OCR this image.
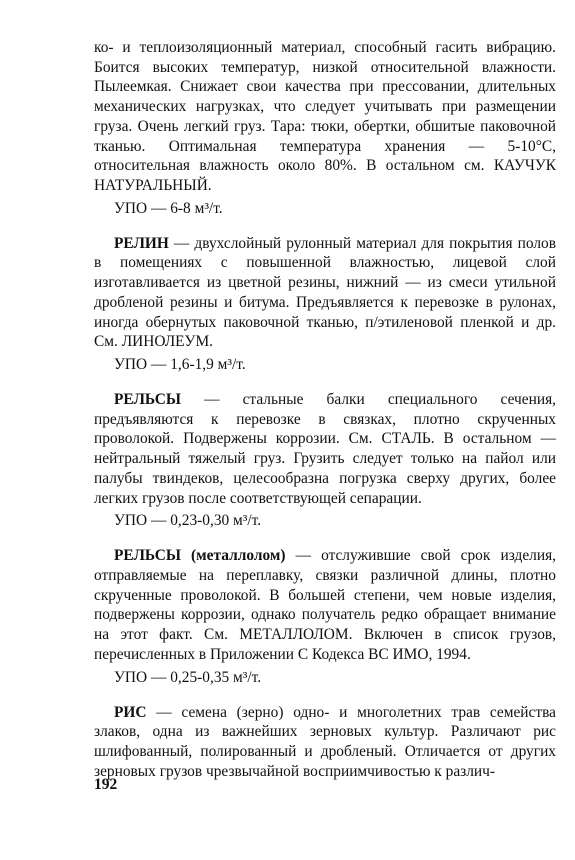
ко- и теплоизоляционный материал, способный гасить вибрацию. Боится высоких температур, низкой относительной влажности. Пылеемкая. Снижает свои качества при прессовании, длительных механических нагрузках, что следует учитывать при размещении груза. Очень легкий груз. Тара: тюки, обертки, обшитые паковочной тканью. Оптимальная температура хранения — 5-10°С, относительная влажность около 80%. В остальном см. КАУЧУК НАТУРАЛЬНЫЙ.

УПО — 6-8 м³/т.

РЕЛИН — двухслойный рулонный материал для покрытия полов в помещениях с повышенной влажностью, лицевой слой изготавливается из цветной резины, нижний — из смеси утильной дробленой резины и битума. Предъявляется к перевозке в рулонах, иногда обернутых паковочной тканью, п/этиленовой пленкой и др. См. ЛИНОЛЕУМ.

УПО — 1,6-1,9 м³/т.

РЕЛЬСЫ — стальные балки специального сечения, предъявляются к перевозке в связках, плотно скрученных проволокой. Подвержены коррозии. См. СТАЛЬ. В остальном — нейтральный тяжелый груз. Грузить следует только на пайол или палубы твиндеков, целесообразна погрузка сверху других, более легких грузов после соответствующей сепарации.

УПО — 0,23-0,30 м³/т.

РЕЛЬСЫ (металлолом) — отслужившие свой срок изделия, отправляемые на переплавку, связки различной длины, плотно скрученные проволокой. В большей степени, чем новые изделия, подвержены коррозии, однако получатель редко обращает внимание на этот факт. См. МЕТАЛЛОЛОМ. Включен в список грузов, перечисленных в Приложении С Кодекса ВС ИМО, 1994.

УПО — 0,25-0,35 м³/т.

РИС — семена (зерно) одно- и многолетних трав семейства злаков, одна из важнейших зерновых культур. Различают рис шлифованный, полированный и дробленый. Отличается от других зерновых грузов чрезвычайной восприимчивостью к различ-

192
